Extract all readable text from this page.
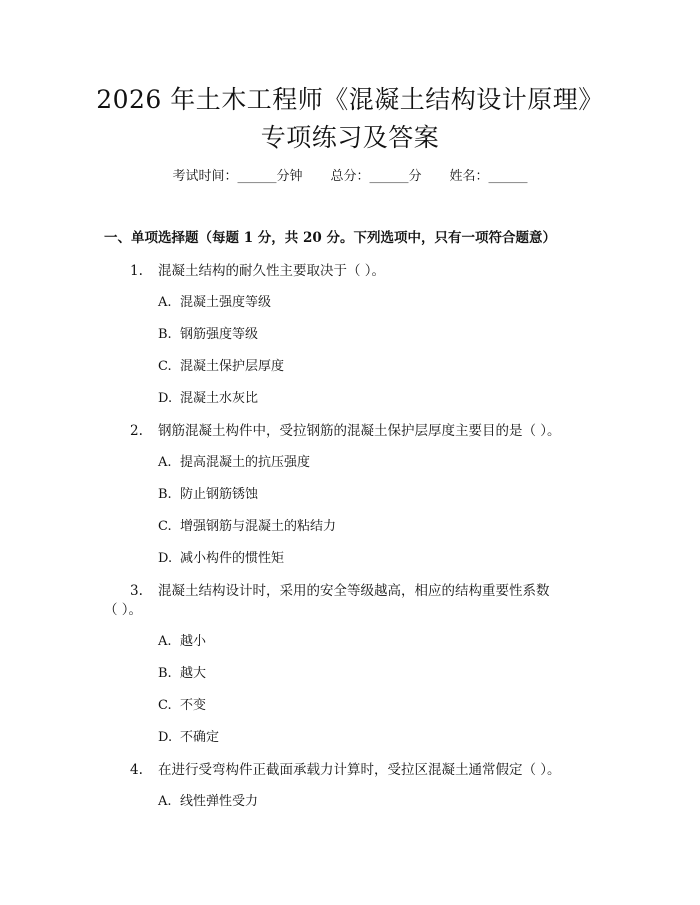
2026 年土木工程师《混凝土结构设计原理》
专项练习及答案
考试时间：______分钟 总分：______分 姓名：______
一、单项选择题（每题 1 分，共 20 分。下列选项中，只有一项符合题意）
1. 混凝土结构的耐久性主要取决于（ ）。
A. 混凝土强度等级
B. 钢筋强度等级
C. 混凝土保护层厚度
D. 混凝土水灰比
2. 钢筋混凝土构件中，受拉钢筋的混凝土保护层厚度主要目的是（ ）。
A. 提高混凝土的抗压强度
B. 防止钢筋锈蚀
C. 增强钢筋与混凝土的粘结力
D. 减小构件的惯性矩
3. 混凝土结构设计时，采用的安全等级越高，相应的结构重要性系数
（ ）。
A. 越小
B. 越大
C. 不变
D. 不确定
4. 在进行受弯构件正截面承载力计算时，受拉区混凝土通常假定（ ）。
A. 线性弹性受力
